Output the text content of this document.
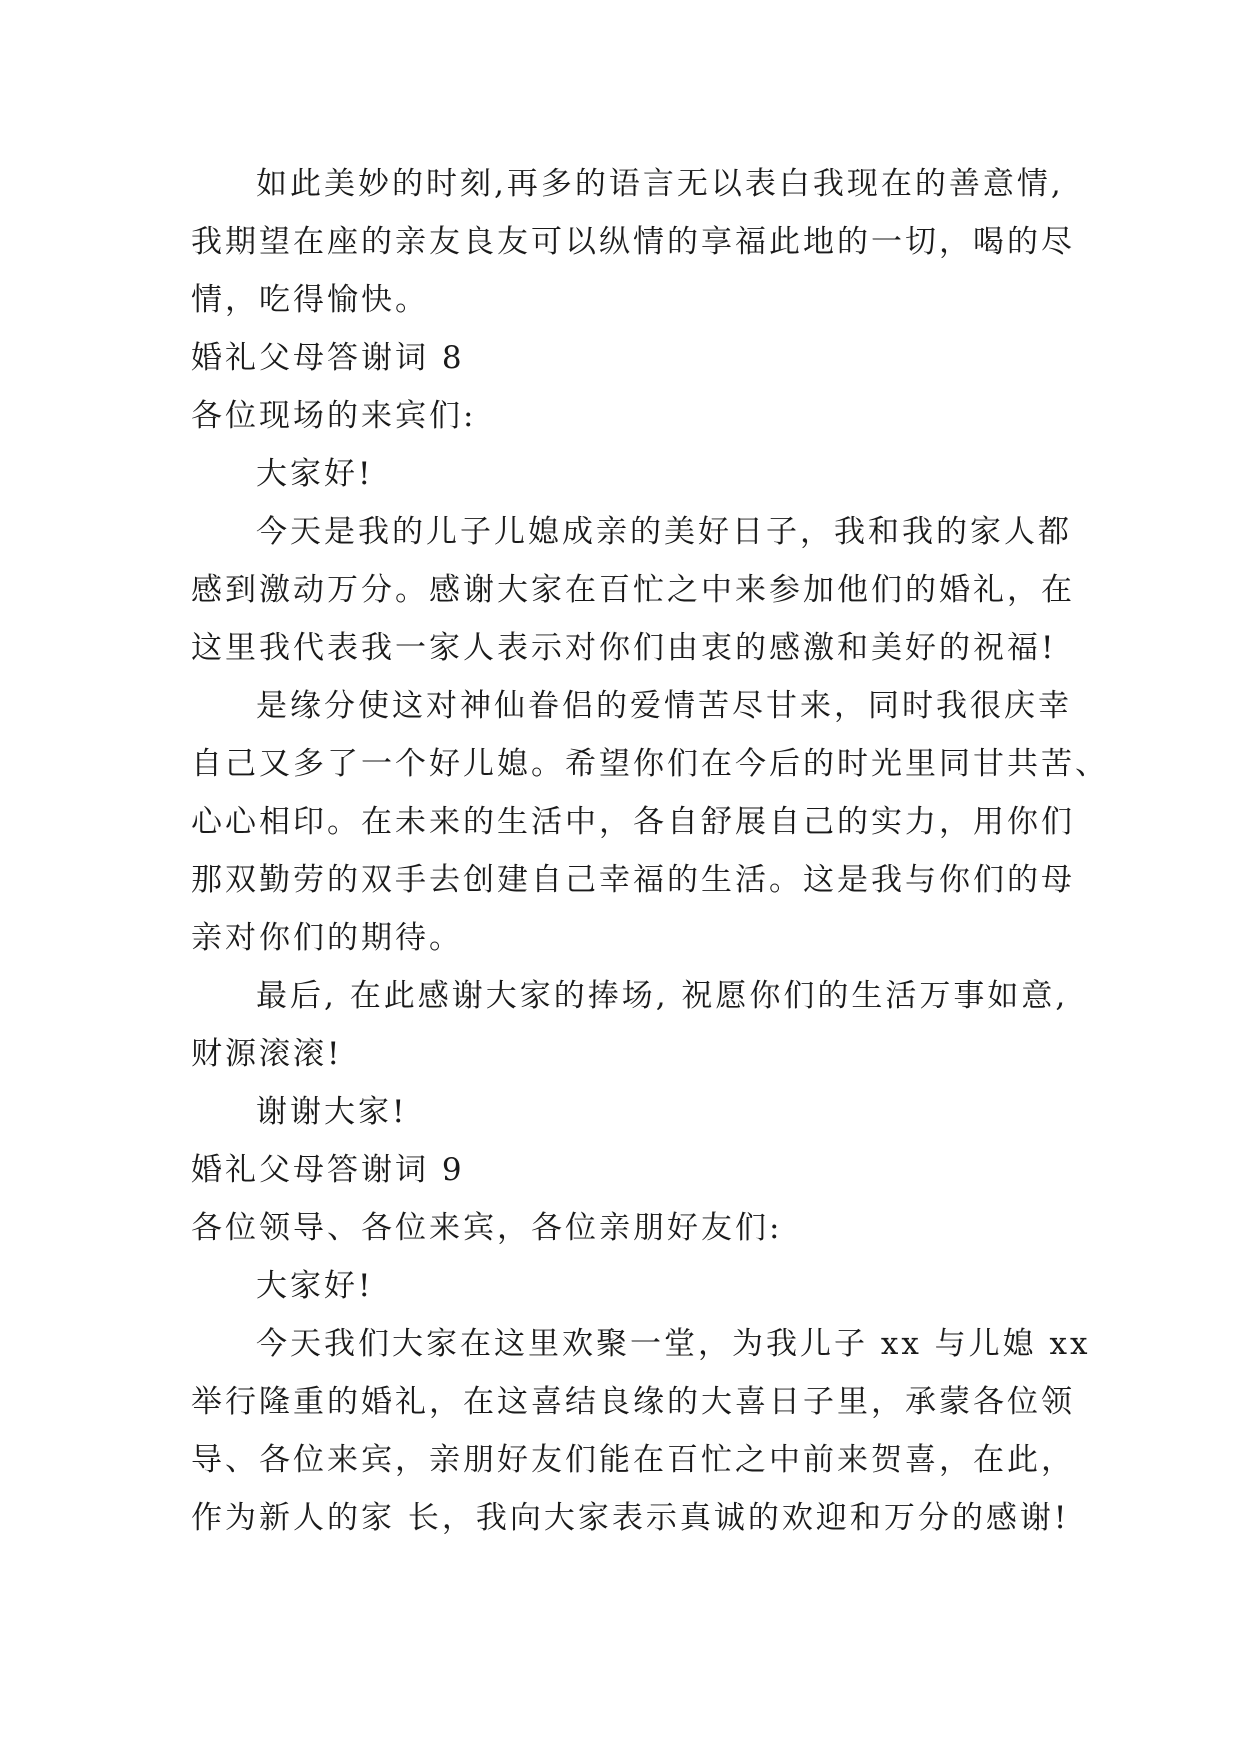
如此美妙的时刻,再多的语言无以表白我现在的善意情,
我期望在座的亲友良友可以纵情的享福此地的一切，喝的尽
情，吃得愉快。
婚礼父母答谢词 8
各位现场的来宾们:
大家好!
今天是我的儿子儿媳成亲的美好日子，我和我的家人都
感到激动万分。感谢大家在百忙之中来参加他们的婚礼，在
这里我代表我一家人表示对你们由衷的感激和美好的祝福!
是缘分使这对神仙眷侣的爱情苦尽甘来，同时我很庆幸
自己又多了一个好儿媳。希望你们在今后的时光里同甘共苦、
心心相印。在未来的生活中，各自舒展自己的实力，用你们
那双勤劳的双手去创建自己幸福的生活。这是我与你们的母
亲对你们的期待。
最后, 在此感谢大家的捧场, 祝愿你们的生活万事如意,
财源滚滚!
谢谢大家!
婚礼父母答谢词 9
各位领导、各位来宾，各位亲朋好友们:
大家好!
今天我们大家在这里欢聚一堂，为我儿子 xx 与儿媳 xx
举行隆重的婚礼，在这喜结良缘的大喜日子里，承蒙各位领
导、各位来宾，亲朋好友们能在百忙之中前来贺喜，在此，
作为新人的家 长，我向大家表示真诚的欢迎和万分的感谢!
